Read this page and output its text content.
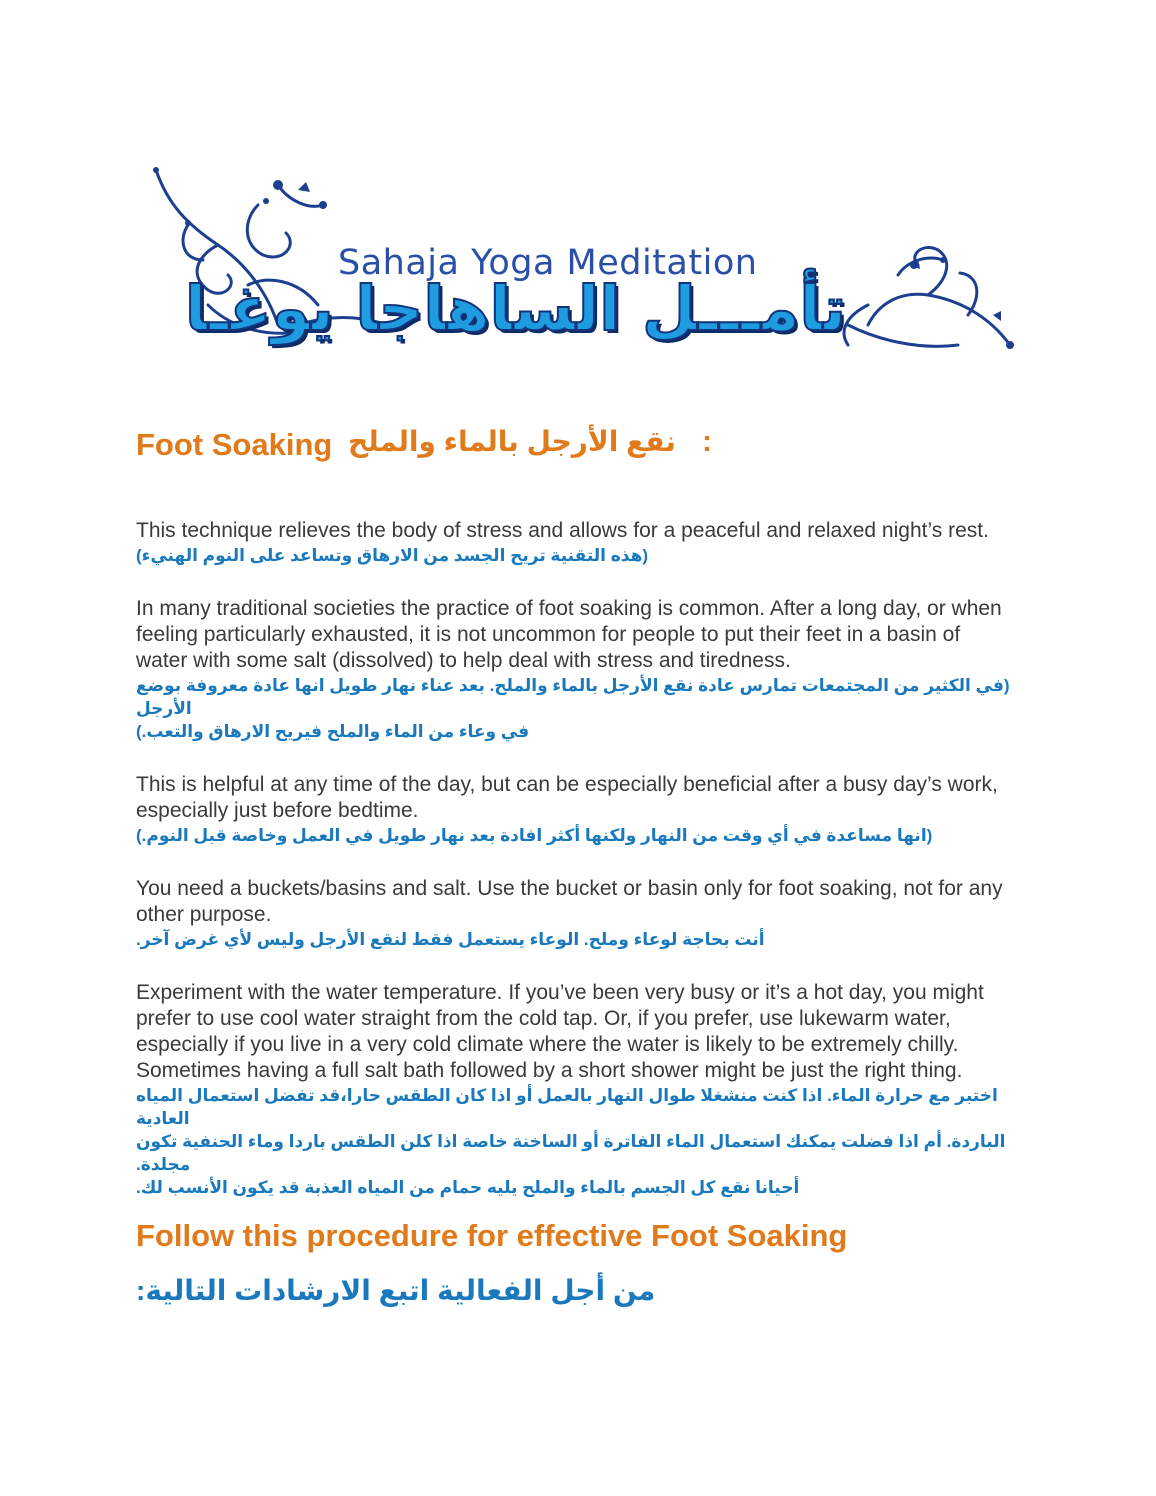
Sahaja Yoga Meditation
تأمـــل الساهاجا يوغـا
Foot Soaking نقع الأرجل بالماء والملح :

This technique relieves the body of stress and allows for a peaceful and relaxed night’s rest.

(هذه التقنية تريح الجسد من الارهاق وتساعد على النوم الهنيء)

In many traditional societies the practice of foot soaking is common. After a long day, or when feeling particularly exhausted, it is not uncommon for people to put their feet in a basin of water with some salt (dissolved) to help deal with stress and tiredness.

(في الكثير من المجتمعات تمارس عادة نقع الأرجل بالماء والملح. بعد عناء نهار طويل انها عادة معروفة بوضع الأرجل
في وعاء من الماء والملح فيريح الارهاق والتعب.)

This is helpful at any time of the day, but can be especially beneficial after a busy day’s work, especially just before bedtime.

(انها مساعدة في أي وقت من النهار ولكنها أكثر افادة بعد نهار طويل في العمل وخاصة قبل النوم.)

You need a buckets/basins and salt. Use the bucket or basin only for foot soaking, not for any other purpose.

أنت بحاجة لوعاء وملح. الوعاء يستعمل فقط لنقع الأرجل وليس لأي غرض آخر.

Experiment with the water temperature. If you’ve been very busy or it’s a hot day, you might prefer to use cool water straight from the cold tap. Or, if you prefer, use lukewarm water, especially if you live in a very cold climate where the water is likely to be extremely chilly. Sometimes having a full salt bath followed by a short shower might be just the right thing.

اختبر مع حرارة الماء. اذا كنت منشغلا طوال النهار بالعمل أو اذا كان الطقس حارا،قد تفضل استعمال المياه العادية
الباردة. أم اذا فضلت يمكنك استعمال الماء الفاترة أو الساخنة خاصة اذا كلن الطقس باردا وماء الحنفية تكون مجلدة.
أحيانا نقع كل الجسم بالماء والملح يليه حمام من المياه العذبة قد يكون الأنسب لك.

Follow this procedure for effective Foot Soaking
من أجل الفعالية اتبع الارشادات التالية:
